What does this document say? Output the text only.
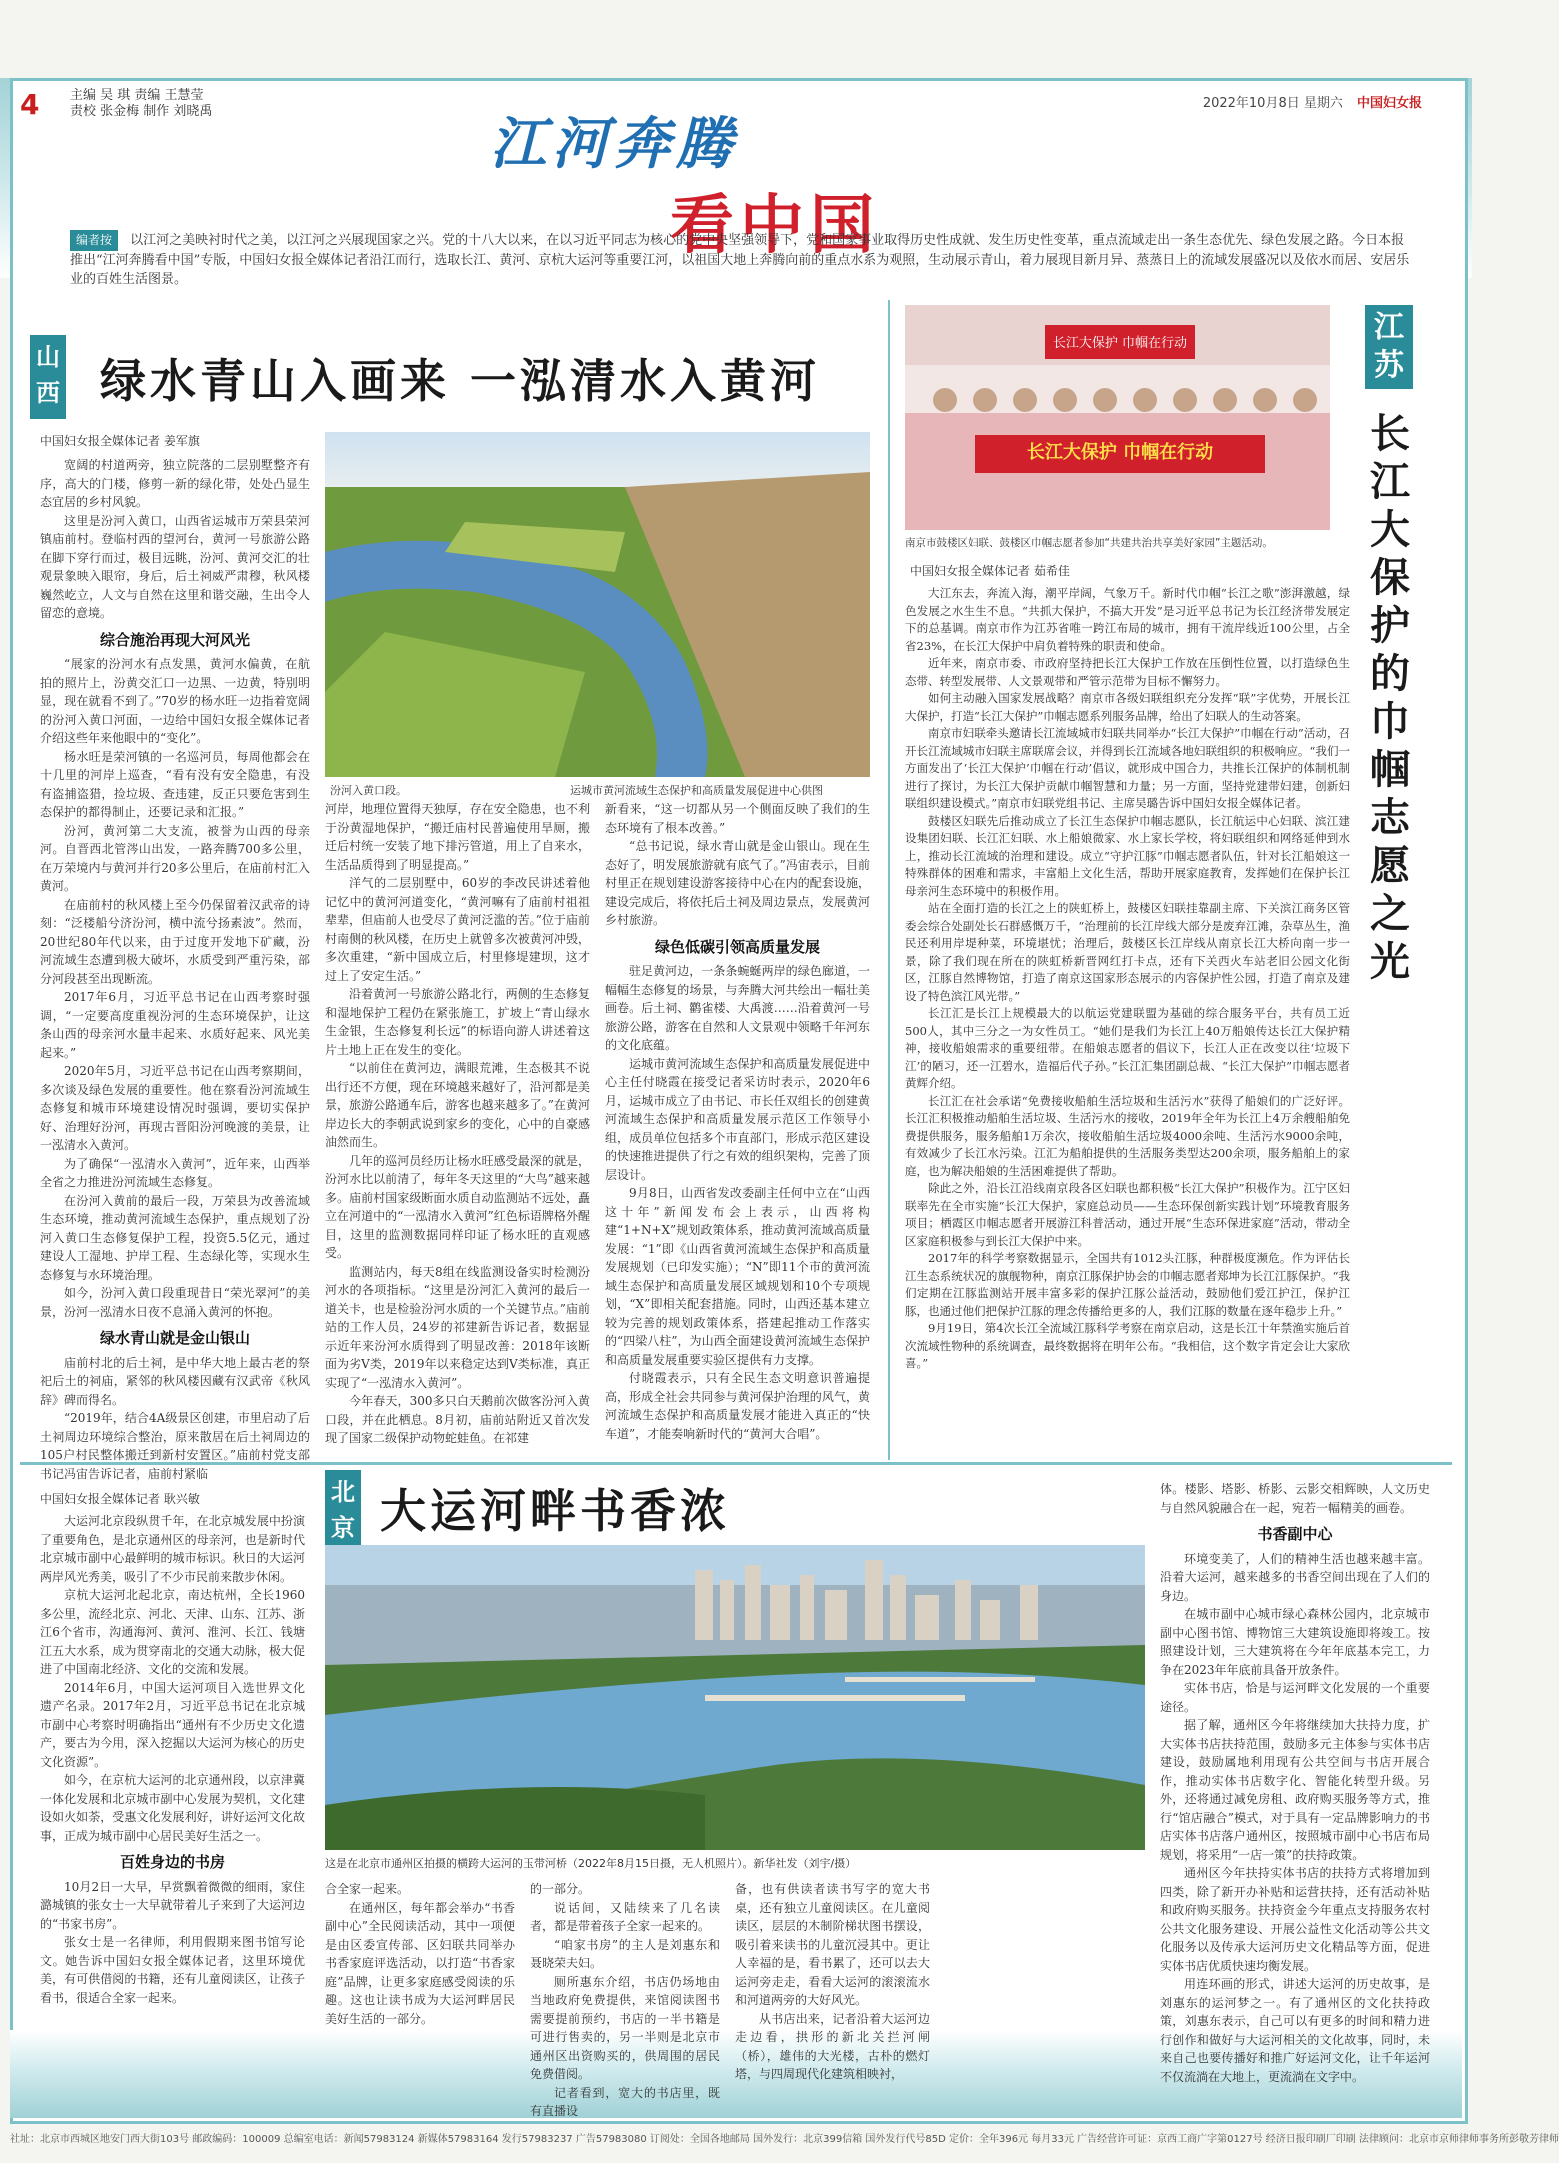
4 主编 吴 琪 责编 王慧莹
责校 张金梅 制作 刘晓禹
2022年10月8日 星期六 中国妇女报
江河奔腾
看中国
编者按 以江河之美映衬时代之美，以江河之兴展现国家之兴。党的十八大以来，在以习近平同志为核心的党中央坚强领导下，党和国家事业取得历史性成就、发生历史性变革，重点流域走出一条生态优先、绿色发展之路。今日本报推出“江河奔腾看中国”专版，中国妇女报全媒体记者沿江而行，选取长江、黄河、京杭大运河等重要江河，以祖国大地上奔腾向前的重点水系为观照，生动展示青山，着力展现目新月异、蒸蒸日上的流域发展盛况以及依水而居、安居乐业的百姓生活图景。
山西 绿水青山入画来 一泓清水入黄河
中国妇女报全媒体记者 姜军旗
汾河入黄口段。	运城市黄河流域生态保护和高质量发展促进中心供图

宽阔的村道两旁，独立院落的二层别墅整齐有序，高大的门楼，修剪一新的绿化带，处处凸显生态宜居的乡村风貌。

这里是汾河入黄口，山西省运城市万荣县荣河镇庙前村。登临村西的望河台，黄河一号旅游公路在脚下穿行而过，极目远眺，汾河、黄河交汇的壮观景象映入眼帘，身后，后土祠威严肃穆，秋风楼巍然屹立，人文与自然在这里和谐交融，生出令人留恋的意境。

综合施治再现大河风光

“展家的汾河水有点发黑，黄河水偏黄，在航拍的照片上，汾黄交汇口一边黑、一边黄，特别明显，现在就看不到了。”70岁的杨水旺一边指着宽阔的汾河入黄口河面，一边给中国妇女报全媒体记者介绍这些年来他眼中的“变化”。

杨水旺是荣河镇的一名巡河员，每周他都会在十几里的河岸上巡查，“看有没有安全隐患，有没有盗捕盗猎，捡垃圾、查违建，反正只要危害到生态保护的都得制止，还要记录和汇报。”

汾河，黄河第二大支流，被誉为山西的母亲河。自晋西北管涔山出发，一路奔腾700多公里，在万荣境内与黄河并行20多公里后，在庙前村汇入黄河。

在庙前村的秋风楼上至今仍保留着汉武帝的诗刻：“泛楼船兮济汾河，横中流兮扬素波”。然而，20世纪80年代以来，由于过度开发地下矿藏，汾河流域生态遭到极大破坏，水质受到严重污染，部分河段甚至出现断流。

2017年6月，习近平总书记在山西考察时强调，“一定要高度重视汾河的生态环境保护，让这条山西的母亲河水量丰起来、水质好起来、风光美起来。”

2020年5月，习近平总书记在山西考察期间，多次谈及绿色发展的重要性。他在察看汾河流域生态修复和城市环境建设情况时强调，要切实保护好、治理好汾河，再现古晋阳汾河晚渡的美景，让一泓清水入黄河。

为了确保“一泓清水入黄河”，近年来，山西举全省之力推进汾河流域生态修复。

在汾河入黄前的最后一段，万荣县为改善流域生态环境，推动黄河流域生态保护，重点规划了汾河入黄口生态修复保护工程，投资5.5亿元，通过建设人工湿地、护岸工程、生态绿化等，实现水生态修复与水环境治理。

如今，汾河入黄口段重现昔日“荣光翠河”的美景，汾河一泓清水日夜不息涌入黄河的怀抱。

绿水青山就是金山银山

庙前村北的后土祠，是中华大地上最古老的祭祀后土的祠庙，紧邻的秋风楼因藏有汉武帝《秋风辞》碑而得名。

“2019年，结合4A级景区创建，市里启动了后土祠周边环境综合整治，原来散居在后土祠周边的105户村民整体搬迁到新村安置区。”庙前村党支部书记冯宙告诉记者，庙前村紧临

河岸，地理位置得天独厚，存在安全隐患，也不利于汾黄湿地保护，“搬迁庙村民普遍使用旱厕，搬迁后村统一安装了地下排污管道，用上了自来水，生活品质得到了明显提高。”

洋气的二层别墅中，60岁的李改民讲述着他记忆中的黄河河道变化，“黄河嘛有了庙前村祖祖辈辈，但庙前人也受尽了黄河泛滥的苦。”位于庙前村南侧的秋风楼，在历史上就曾多次被黄河冲毁，多次重建，“新中国成立后，村里修堤建坝，这才过上了安定生活。”

沿着黄河一号旅游公路北行，两侧的生态修复和湿地保护工程仍在紧张施工，扩坡上“青山绿水生金银，生态修复利长远”的标语向游人讲述着这片土地上正在发生的变化。

“以前住在黄河边，满眼荒滩，生态极其不说出行还不方便，现在环境越来越好了，沿河都是美景，旅游公路通车后，游客也越来越多了。”在黄河岸边长大的李朝武说到家乡的变化，心中的自豪感油然而生。

几年的巡河员经历让杨水旺感受最深的就是，汾河水比以前清了，每年冬天这里的“大鸟”越来越多。庙前村国家级断面水质自动监测站不远处，矗立在河道中的“一泓清水入黄河”红色标语牌格外醒目，这里的监测数据同样印证了杨水旺的直观感受。

监测站内，每天8组在线监测设备实时检测汾河水的各项指标。“这里是汾河汇入黄河的最后一道关卡，也是检验汾河水质的一个关键节点。”庙前站的工作人员，24岁的祁建新告诉记者，数据显示近年来汾河水质得到了明显改善：2018年该断面为劣V类，2019年以来稳定达到V类标准，真正实现了“一泓清水入黄河”。

今年春天，300多只白天鹅前次做客汾河入黄口段，并在此栖息。8月初，庙前站附近又首次发现了国家二级保护动物蛇蛙鱼。在祁建

新看来，“这一切都从另一个侧面反映了我们的生态环境有了根本改善。”

“总书记说，绿水青山就是金山银山。现在生态好了，明发展旅游就有底气了。”冯宙表示，目前村里正在规划建设游客接待中心在内的配套设施，建设完成后，将依托后土祠及周边景点，发展黄河乡村旅游。

绿色低碳引领高质量发展

驻足黄河边，一条条蜿蜒两岸的绿色廊道，一幅幅生态修复的场景，与奔腾大河共绘出一幅壮美画卷。后土祠、鹳雀楼、大禹渡……沿着黄河一号旅游公路，游客在自然和人文景观中领略千年河东的文化底蕴。

运城市黄河流域生态保护和高质量发展促进中心主任付晓霞在接受记者采访时表示，2020年6月，运城市成立了由书记、市长任双组长的创建黄河流域生态保护和高质量发展示范区工作领导小组，成员单位包括多个市直部门，形成示范区建设的快速推进提供了行之有效的组织架构，完善了顶层设计。

9月8日，山西省发改委副主任何中立在“山西这十年”新闻发布会上表示，山西将构建“1+N+X”规划政策体系，推动黄河流域高质量发展：“1”即《山西省黄河流域生态保护和高质量发展规划（已印发实施）；“N”即11个市的黄河流域生态保护和高质量发展区域规划和10个专项规划，“X”即相关配套措施。同时，山西还基本建立较为完善的规划政策体系，搭建起推动工作落实的“四梁八柱”，为山西全面建设黄河流域生态保护和高质量发展重要实验区提供有力支撑。

付晓霞表示，只有全民生态文明意识普遍提高，形成全社会共同参与黄河保护治理的风气，黄河流域生态保护和高质量发展才能进入真正的“快车道”，才能奏响新时代的“黄河大合唱”。

长江大保护 巾帼在行动
长江大保护 巾帼在行动
南京市鼓楼区妇联、鼓楼区巾帼志愿者参加“共建共治共享美好家园”主题活动。
江苏
长江大保护的巾帼志愿之光
中国妇女报全媒体记者 茹希佳

大江东去，奔流入海，潮平岸阔，气象万千。新时代巾帼“长江之歌”澎湃激越，绿色发展之水生生不息。“共抓大保护，不搞大开发”是习近平总书记为长江经济带发展定下的总基调。南京市作为江苏省唯一跨江布局的城市，拥有干流岸线近100公里，占全省23%，在长江大保护中肩负着特殊的职责和使命。

近年来，南京市委、市政府坚持把长江大保护工作放在压倒性位置，以打造绿色生态带、转型发展带、人文景观带和严管示范带为目标不懈努力。

如何主动融入国家发展战略？南京市各级妇联组织充分发挥“联”字优势，开展长江大保护，打造“长江大保护”巾帼志愿系列服务品牌，给出了妇联人的生动答案。

南京市妇联牵头邀请长江流域城市妇联共同举办“长江大保护”巾帼在行动”活动，召开长江流域城市妇联主席联席会议，并得到长江流域各地妇联组织的积极响应。“我们一方面发出了‘长江大保护’巾帼在行动’倡议，就形成中国合力，共推长江保护的体制机制进行了探讨，为长江大保护贡献巾帼智慧和力量；另一方面，坚持党建带妇建，创新妇联组织建设模式。”南京市妇联党组书记、主席吴璐告诉中国妇女报全媒体记者。

鼓楼区妇联先后推动成立了长江生态保护巾帼志愿队，长江航运中心妇联、滨江建设集团妇联、长江汇妇联、水上船娘微家、水上家长学校，将妇联组织和网络延伸到水上，推动长江流域的治理和建设。成立“守护江豚”巾帼志愿者队伍，针对长江船娘这一特殊群体的困难和需求，丰富船上文化生活，帮助开展家庭教育，发挥她们在保护长江母亲河生态环境中的积极作用。

站在全面打造的长江之上的陕虹桥上，鼓楼区妇联挂靠副主席、下关滨江商务区管委会综合处副处长石群感慨万千，“治理前的长江岸线大部分是废弃江滩，杂草丛生，渔民还利用岸堤种菜，环境堪忧；治理后，鼓楼区长江岸线从南京长江大桥向南一步一景，除了我们现在所在的陕虹桥新晋网红打卡点，还有下关西火车站老旧公园文化街区，江豚自然博物馆，打造了南京这国家形态展示的内容保护性公园，打造了南京及建设了特色滨江风光带。”

长江汇是长江上规模最大的以航运党建联盟为基础的综合服务平台，共有员工近500人，其中三分之一为女性员工。“她们是我们为长江上40万船娘传达长江大保护精神，接收船娘需求的重要纽带。在船娘志愿者的倡议下，长江人正在改变以往‘垃圾下江’的陋习，还一江碧水，造福后代子孙。”长江汇集团副总裁、“长江大保护”巾帼志愿者黄辉介绍。

长江汇在社会承诺“免费接收船舶生活垃圾和生活污水”获得了船娘们的广泛好评。长江汇积极推动船舶生活垃圾、生活污水的接收，2019年全年为长江上4万余艘船舶免费提供服务，服务船舶1万余次，接收船舶生活垃圾4000余吨、生活污水9000余吨，有效减少了长江水污染。江汇为船舶提供的生活服务类型达200余项，服务船舶上的家庭，也为解决船娘的生活困难提供了帮助。

除此之外，沿长江沿线南京段各区妇联也都积极“长江大保护”积极作为。江宁区妇联率先在全市实施“长江大保护，家庭总动员——生态环保创新实践计划”环境教育服务项目；栖霞区巾帼志愿者开展游江科普活动，通过开展“生态环保进家庭”活动，带动全区家庭积极参与到长江大保护中来。

2017年的科学考察数据显示，全国共有1012头江豚，种群极度濒危。作为评估长江生态系统状况的旗舰物种，南京江豚保护协会的巾帼志愿者郑坤为长江江豚保护。“我们定期在江豚监测站开展丰富多彩的保护江豚公益活动，鼓励他们爱江护江，保护江豚，也通过他们把保护江豚的理念传播给更多的人，我们江豚的数量在逐年稳步上升。”

9月19日，第4次长江全流域江豚科学考察在南京启动，这是长江十年禁渔实施后首次流域性物种的系统调查，最终数据将在明年公布。“我相信，这个数字肯定会让大家欣喜。”

中国妇女报全媒体记者 耿兴敏

大运河北京段纵贯千年，在北京城发展中扮演了重要角色，是北京通州区的母亲河，也是新时代北京城市副中心最鲜明的城市标识。秋日的大运河两岸风光秀美，吸引了不少市民前来散步休闲。

京杭大运河北起北京，南达杭州，全长1960多公里，流经北京、河北、天津、山东、江苏、浙江6个省市，沟通海河、黄河、淮河、长江、钱塘江五大水系，成为贯穿南北的交通大动脉，极大促进了中国南北经济、文化的交流和发展。

2014年6月，中国大运河项目入选世界文化遗产名录。2017年2月，习近平总书记在北京城市副中心考察时明确指出“通州有不少历史文化遗产，要古为今用，深入挖掘以大运河为核心的历史文化资源”。

如今，在京杭大运河的北京通州段，以京津冀一体化发展和北京城市副中心发展为契机，文化建设如火如荼，受惠文化发展利好，讲好运河文化故事，正成为城市副中心居民美好生活之一。

百姓身边的书房

10月2日一大早，早赏飘着微微的细雨，家住潞城镇的张女士一大早就带着儿子来到了大运河边的“书家书房”。

张女士是一名律师，利用假期来图书馆写论文。她告诉中国妇女报全媒体记者，这里环境优美，有可供借阅的书籍，还有儿童阅读区，让孩子看书，很适合全家一起来。

北京 大运河畔书香浓
这是在北京市通州区拍摄的横跨大运河的玉带河桥（2022年8月15日摄，无人机照片）。新华社发（刘宇/摄）

合全家一起来。

在通州区，每年都会举办“书香副中心”全民阅读活动，其中一项便是由区委宣传部、区妇联共同举办书香家庭评选活动，以打造“书香家庭”品牌，让更多家庭感受阅读的乐趣。这也让读书成为大运河畔居民美好生活的一部分。

的一部分。

说话间，又陆续来了几名读者，都是带着孩子全家一起来的。

“咱家书房”的主人是刘惠东和聂晓荣夫妇。

厕所惠东介绍，书店仍场地由当地政府免费提供，来馆阅读图书需要提前预约，书店的一半书籍是可进行售卖的，另一半则是北京市通州区出资购买的，供周围的居民免费借阅。

记者看到，宽大的书店里，既有直播设

备，也有供读者读书写字的宽大书桌，还有独立儿童阅读区。在儿童阅读区，层层的木制阶梯状图书摆设，吸引着来读书的儿童沉浸其中。更让人幸福的是，看书累了，还可以去大运河旁走走，看看大运河的滚滚流水和河道两旁的大好风光。

从书店出来，记者沿着大运河边走边看，拱形的新北关拦河闸（桥），雄伟的大光楼，古朴的燃灯塔，与四周现代化建筑相映衬，

体。楼影、塔影、桥影、云影交相辉映，人文历史与自然风貌融合在一起，宛若一幅精美的画卷。

书香副中心

环境变美了，人们的精神生活也越来越丰富。沿着大运河，越来越多的书香空间出现在了人们的身边。

在城市副中心城市绿心森林公园内，北京城市副中心图书馆、博物馆三大建筑设施即将竣工。按照建设计划，三大建筑将在今年年底基本完工，力争在2023年年底前具备开放条件。

实体书店，恰是与运河畔文化发展的一个重要途径。

据了解，通州区今年将继续加大扶持力度，扩大实体书店扶持范围，鼓励多元主体参与实体书店建设，鼓励属地利用现有公共空间与书店开展合作，推动实体书店数字化、智能化转型升级。另外，还将通过减免房租、政府购买服务等方式，推行“馆店融合”模式，对于具有一定品牌影响力的书店实体书店落户通州区，按照城市副中心书店布局规划，将采用“一店一策”的扶持政策。

通州区今年扶持实体书店的扶持方式将增加到四类，除了新开办补贴和运营扶持，还有活动补贴和政府购买服务。扶持资金今年重点支持服务农村公共文化服务建设、开展公益性文化活动等公共文化服务以及传承大运河历史文化精品等方面，促进实体书店优质快速均衡发展。

用连环画的形式，讲述大运河的历史故事，是刘惠东的运河梦之一。有了通州区的文化扶持政策，刘惠东表示，自己可以有更多的时间和精力进行创作和做好与大运河相关的文化故事，同时，未来自己也要传播好和推广好运河文化，让千年运河不仅流淌在大地上，更流淌在文字中。

社址：北京市西城区地安门西大街103号 邮政编码：100009 总编室电话：新闻57983124 新媒体57983164 发行57983237 广告57983080 订阅处：全国各地邮局 国外发行：北京399信箱 国外发行代号85D 定价：全年396元 每月33元 广告经营许可证：京西工商广字第0127号 经济日报印刷厂印刷 法律顾问：北京市京师律师事务所彭敬芳律师
